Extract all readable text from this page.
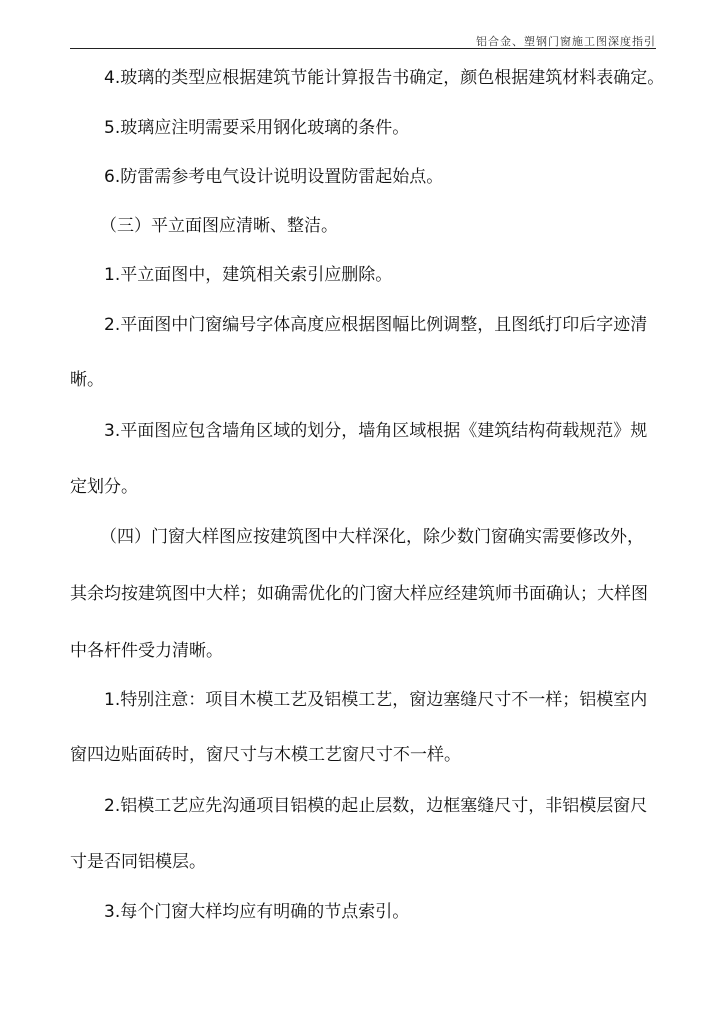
铝合金、塑钢门窗施工图深度指引
4.玻璃的类型应根据建筑节能计算报告书确定，颜色根据建筑材料表确定。
5.玻璃应注明需要采用钢化玻璃的条件。
6.防雷需参考电气设计说明设置防雷起始点。
（三）平立面图应清晰、整洁。
1.平立面图中，建筑相关索引应删除。
2.平面图中门窗编号字体高度应根据图幅比例调整，且图纸打印后字迹清
晰。
3.平面图应包含墙角区域的划分，墙角区域根据《建筑结构荷载规范》规
定划分。
（四）门窗大样图应按建筑图中大样深化，除少数门窗确实需要修改外，
其余均按建筑图中大样；如确需优化的门窗大样应经建筑师书面确认；大样图
中各杆件受力清晰。
1.特别注意：项目木模工艺及铝模工艺，窗边塞缝尺寸不一样；铝模室内
窗四边贴面砖时，窗尺寸与木模工艺窗尺寸不一样。
2.铝模工艺应先沟通项目铝模的起止层数，边框塞缝尺寸，非铝模层窗尺
寸是否同铝模层。
3.每个门窗大样均应有明确的节点索引。
